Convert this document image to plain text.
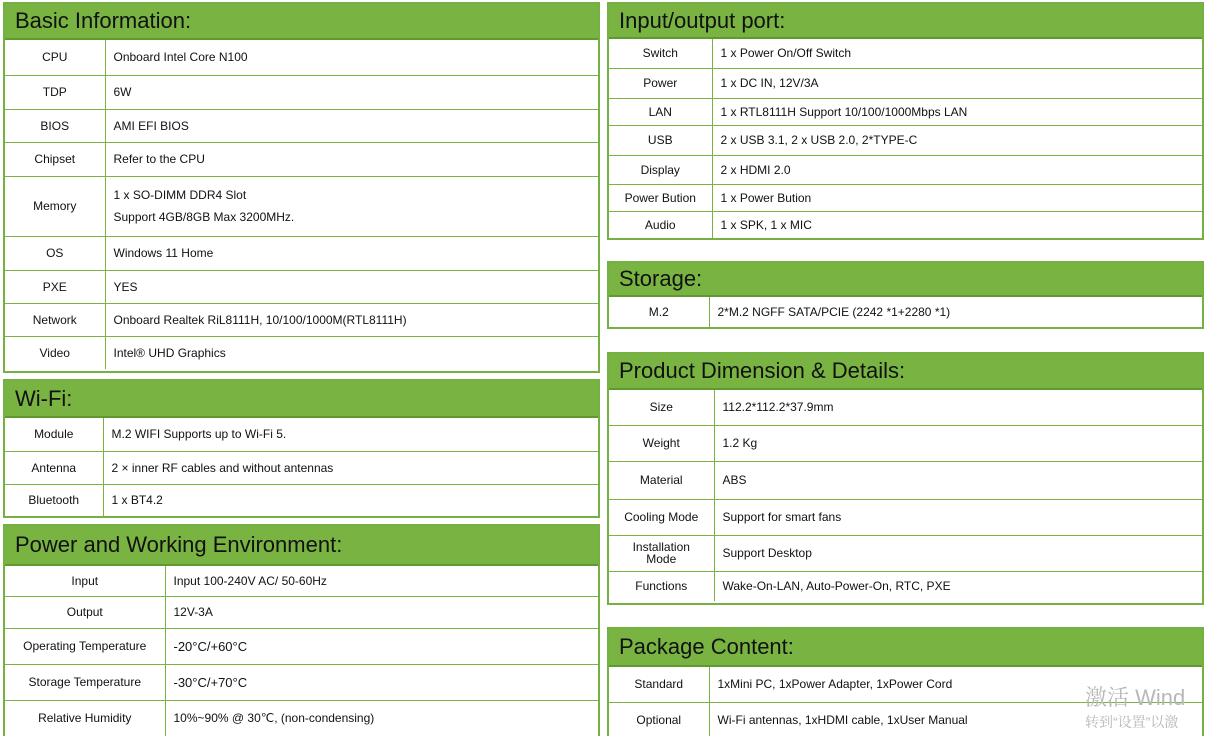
Basic Information:
CPU	Onboard Intel Core N100
TDP	6W
BIOS	AMI EFI BIOS
Chipset	Refer to the CPU
Memory	1 x SO-DIMM DDR4 Slot
Support 4GB/8GB Max 3200MHz.

OS	Windows 11 Home
PXE	YES
Network	Onboard Realtek RiL8111H, 10/100/1000M(RTL8111H)
Video	Intel® UHD Graphics
Wi-Fi:
Module	M.2 WIFI Supports up to Wi-Fi 5.
Antenna	2 × inner RF cables and without antennas
Bluetooth	1 x BT4.2
Power and Working Environment:
Input	Input 100-240V AC/ 50-60Hz
Output	12V-3A
Operating Temperature	-20°C/+60°C
Storage Temperature	-30°C/+70°C
Relative Humidity	10%~90% @ 30℃, (non-condensing)
Input/output port:
Switch	1 x Power On/Off Switch
Power	1 x DC IN, 12V/3A
LAN	1 x RTL8111H Support 10/100/1000Mbps LAN
USB	2 x USB 3.1, 2 x USB 2.0, 2*TYPE-C
Display	2 x HDMI 2.0
Power Bution	1 x Power Bution
Audio	1 x SPK, 1 x MIC
Storage:
M.2	2*M.2 NGFF SATA/PCIE (2242 *1+2280 *1)
Product Dimension & Details:
Size	112.2*112.2*37.9mm
Weight	1.2 Kg
Material	ABS
Cooling Mode	Support for smart fans

Installation
Mode	Support Desktop
Functions	Wake-On-LAN, Auto-Power-On, RTC, PXE
Package Content:
Standard	1xMini PC, 1xPower Adapter, 1xPower Cord
Optional	Wi-Fi antennas, 1xHDMI cable, 1xUser Manual
激活 Wind
转到“设置”以激
